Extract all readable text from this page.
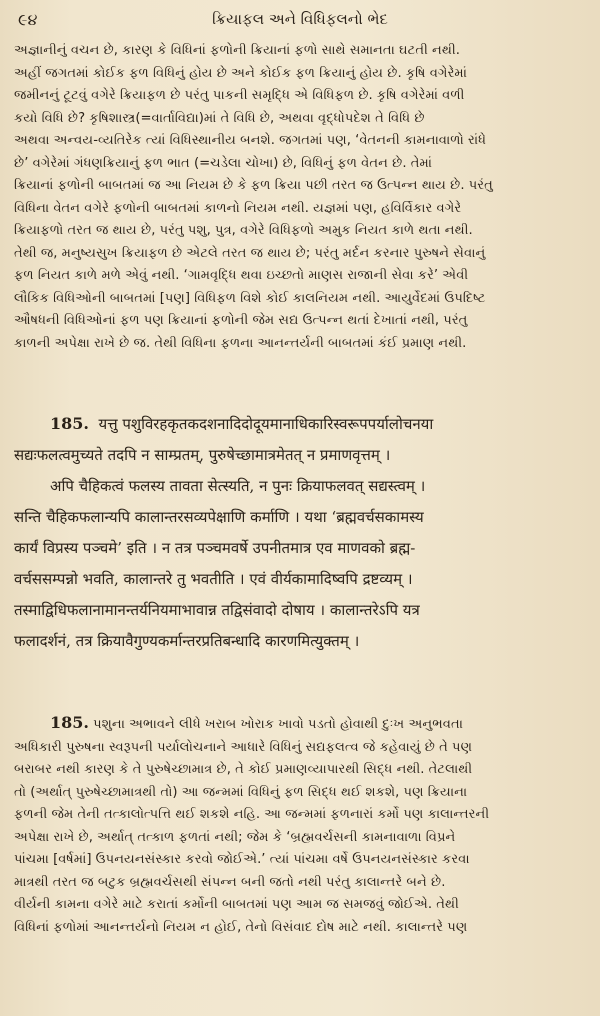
૯૪	ક્રિયાફલ અને વિધિફલનો ભેદ
અજ્ઞાનીનું વચન છે, કારણ કે વિધિનાં ફળોની ક્રિયાનાં ફળો સાથે સમાનતા ઘટતી નથી.
અહીં જગતમાં કોઈક ફળ વિધિનું હોય છે અને કોઈક ફળ ક્રિયાનું હોય છે. કૃષિ વગેરેમાં
જમીનનું ટૂટવું વગેરે ક્રિયાફળ છે પરંતુ પાકની સમૃદ્ધિ એ વિધિફળ છે. કૃષિ વગેરેમાં વળી
કયો વિધિ છે? કૃષિશાસ્ત્ર(=વાર્તાવિદ્યા)માં તે વિધિ છે, અથવા વૃદ્ધોપદેશ તે વિધિ છે
અથવા અન્વય-વ્યતિરેક ત્યાં વિધિસ્થાનીય બનશે. જગતમાં પણ, ‘વેતનની કામનાવાળો રાંધે
છે’ વગેરેમાં ગંધણક્રિયાનું ફળ ભાત (=ચડેલા ચોખા) છે, વિધિનું ફળ વેતન છે. તેમાં
ક્રિયાનાં ફળોની બાબતમાં જ આ નિયમ છે કે ફળ ક્રિયા પછી તરત જ ઉત્પન્ન થાય છે. પરંતુ
વિધિના વેતન વગેરે ફળોની બાબતમાં કાળનો નિયમ નથી. યજ્ઞમાં પણ, હવિર્વિકાર વગેરે
ક્રિયાફળો તરત જ થાય છે, પરંતુ પશુ, પુત્ર, વગેરે વિધિફળો અમુક નિયત કાળે થતા નથી.
તેથી જ, મનુષ્યસુખ ક્રિયાફળ છે એટલે તરત જ થાય છે; પરંતુ મર્દન કરનાર પુરુષને સેવાનું
ફળ નિયત કાળે મળે એવું નથી. ‘ગામવૃદ્ધિ થવા ઇચ્છતો માણસ રાજાની સેવા કરે’ એવી
લૌકિક વિધિઓની બાબતમાં [પણ] વિધિફળ વિશે કોઈ કાલનિયમ નથી. આયુર્વેદમાં ઉપદિષ્ટ
ઔષધની વિધિઓનાં ફળ પણ ક્રિયાનાં ફળોની જેમ સદ્ય ઉત્પન્ન થતાં દેખાતાં નથી, પરંતુ
કાળની અપેક્ષા રાખે છે જ. તેથી વિધિના ફળના આનન્તર્યની બાબતમાં કંઈ પ્રમાણ નથી.
185. यत्तु पशुविरहकृतकदशनादिदोदूयमानाधिकारिस्वरूपपर्यालोचनया
सद्यःफलत्वमुच्यते तदपि न साम्प्रतम्, पुरुषेच्छामात्रमेतत् न प्रमाणवृत्तम् ।
अपि चैहिकत्वं फलस्य तावता सेत्स्यति, न पुनः क्रियाफलवत् सद्यस्त्वम् ।
सन्ति चैहिकफलान्यपि कालान्तरसव्यपेक्षाणि कर्माणि । यथा ‘ब्रह्मवर्चसकामस्य
कार्यं विप्रस्य पञ्चमे’ इति । न तत्र पञ्चमवर्षे उपनीतमात्र एव माणवको ब्रह्म-
वर्चससम्पन्नो भवति, कालान्तरे तु भवतीति । एवं वीर्यकामादिष्वपि द्रष्टव्यम् ।
तस्माद्विधिफलानामानन्तर्यनियमाभावान्न तद्विसंवादो दोषाय । कालान्तरेऽपि यत्र
फलादर्शनं, तत्र क्रियावैगुण्यकर्मान्तरप्रतिबन्धादि कारणमित्युक्तम् ।
185. પશુના અભાવને લીધે ખરાબ ખોરાક ખાવો પડતો હોવાથી દુઃખ અનુભવતા
અધિકારી પુરુષના સ્વરૂપની પર્યાલોચનાને આધારે વિધિનું સદ્યફલત્વ જે કહેવાયું છે તે પણ
બરાબર નથી કારણ કે તે પુરુષેચ્છામાત્ર છે, તે કોઈ પ્રમાણવ્યાપારથી સિદ્ધ નથી. તેટલાથી
તો (અર્થાત્ પુરુષેચ્છામાત્રથી તો) આ જન્મમાં વિધિનું ફળ સિદ્ધ થઈ શકશે, પણ ક્રિયાના
ફળની જેમ તેની તત્કાલોત્પત્તિ થઈ શકશે નહિ. આ જન્મમાં ફળનારાં કર્મો પણ કાલાન્તરની
અપેક્ષા રાખે છે, અર્થાત્ તત્કાળ ફળતાં નથી; જેમ કે ‘બ્રહ્મવર્ચસની કામનાવાળા વિપ્રને
પાંચમા [વર્ષમાં] ઉપનયનસંસ્કાર કરવો જોઈએ.’ ત્યાં પાંચમા વર્ષે ઉપનયનસંસ્કાર કરવા
માત્રથી તરત જ બટુક બ્રહ્મવર્ચસથી સંપન્ન બની જતો નથી પરંતુ કાલાન્તરે બને છે.
વીર્યની કામના વગેરે માટે કરાતાં કર્મોની બાબતમાં પણ આમ જ સમજવું જોઈએ. તેથી
વિધિનાં ફળોમાં આનન્તર્યનો નિયમ ન હોઈ, તેનો વિસંવાદ દોષ માટે નથી. કાલાન્તરે પણ
